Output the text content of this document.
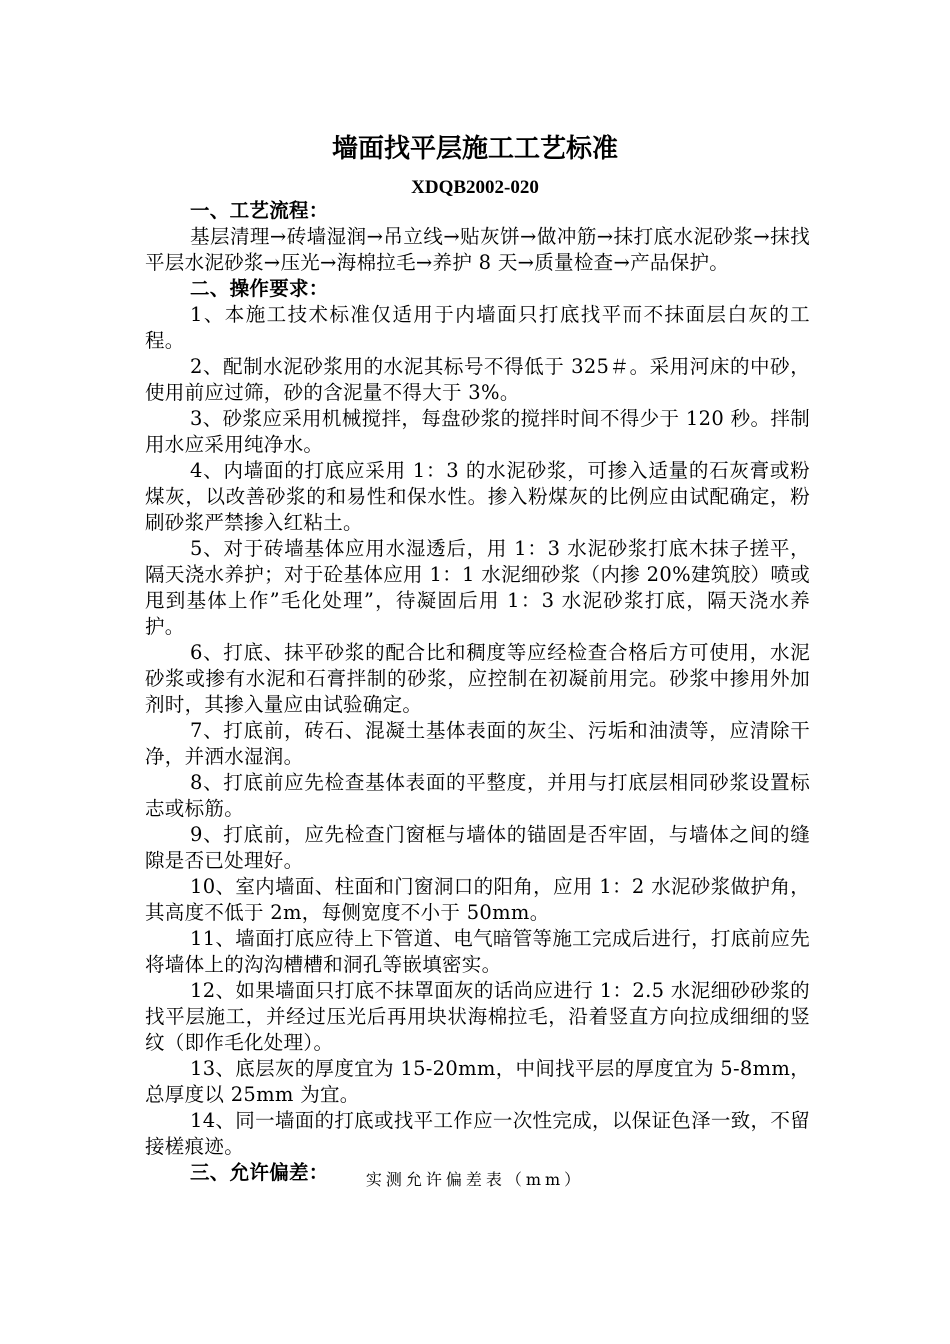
墙面找平层施工工艺标准
XDQB2002-020
一、工艺流程：

基层清理→砖墙湿润→吊立线→贴灰饼→做冲筋→抹打底水泥砂浆→抹找平层水泥砂浆→压光→海棉拉毛→养护 8 天→质量检查→产品保护。

二、操作要求：

1、本施工技术标准仅适用于内墙面只打底找平而不抹面层白灰的工程。

2、配制水泥砂浆用的水泥其标号不得低于 325＃。采用河床的中砂，使用前应过筛，砂的含泥量不得大于 3%。

3、砂浆应采用机械搅拌，每盘砂浆的搅拌时间不得少于 120 秒。拌制用水应采用纯净水。

4、内墙面的打底应采用 1：3 的水泥砂浆，可掺入适量的石灰膏或粉煤灰，以改善砂浆的和易性和保水性。掺入粉煤灰的比例应由试配确定，粉刷砂浆严禁掺入红粘土。

5、对于砖墙基体应用水湿透后，用 1：3 水泥砂浆打底木抹子搓平，隔天浇水养护；对于砼基体应用 1：1 水泥细砂浆（内掺 20%建筑胶）喷或甩到基体上作”毛化处理”，待凝固后用 1：3 水泥砂浆打底，隔天浇水养护。

6、打底、抹平砂浆的配合比和稠度等应经检查合格后方可使用，水泥砂浆或掺有水泥和石膏拌制的砂浆，应控制在初凝前用完。砂浆中掺用外加剂时，其掺入量应由试验确定。

7、打底前，砖石、混凝土基体表面的灰尘、污垢和油渍等，应清除干净，并洒水湿润。

8、打底前应先检查基体表面的平整度，并用与打底层相同砂浆设置标志或标筋。

9、打底前，应先检查门窗框与墙体的锚固是否牢固，与墙体之间的缝隙是否已处理好。

10、室内墙面、柱面和门窗洞口的阳角，应用 1：2 水泥砂浆做护角，其高度不低于 2m，每侧宽度不小于 50mm。

11、墙面打底应待上下管道、电气暗管等施工完成后进行，打底前应先将墙体上的沟沟槽槽和洞孔等嵌填密实。

12、如果墙面只打底不抹罩面灰的话尚应进行 1：2.5 水泥细砂砂浆的找平层施工，并经过压光后再用块状海棉拉毛，沿着竖直方向拉成细细的竖纹（即作毛化处理）。

13、底层灰的厚度宜为 15-20mm，中间找平层的厚度宜为 5-8mm，总厚度以 25mm 为宜。

14、同一墙面的打底或找平工作应一次性完成，以保证色泽一致，不留接槎痕迹。

三、允许偏差：	实测允许偏差表（mm）
